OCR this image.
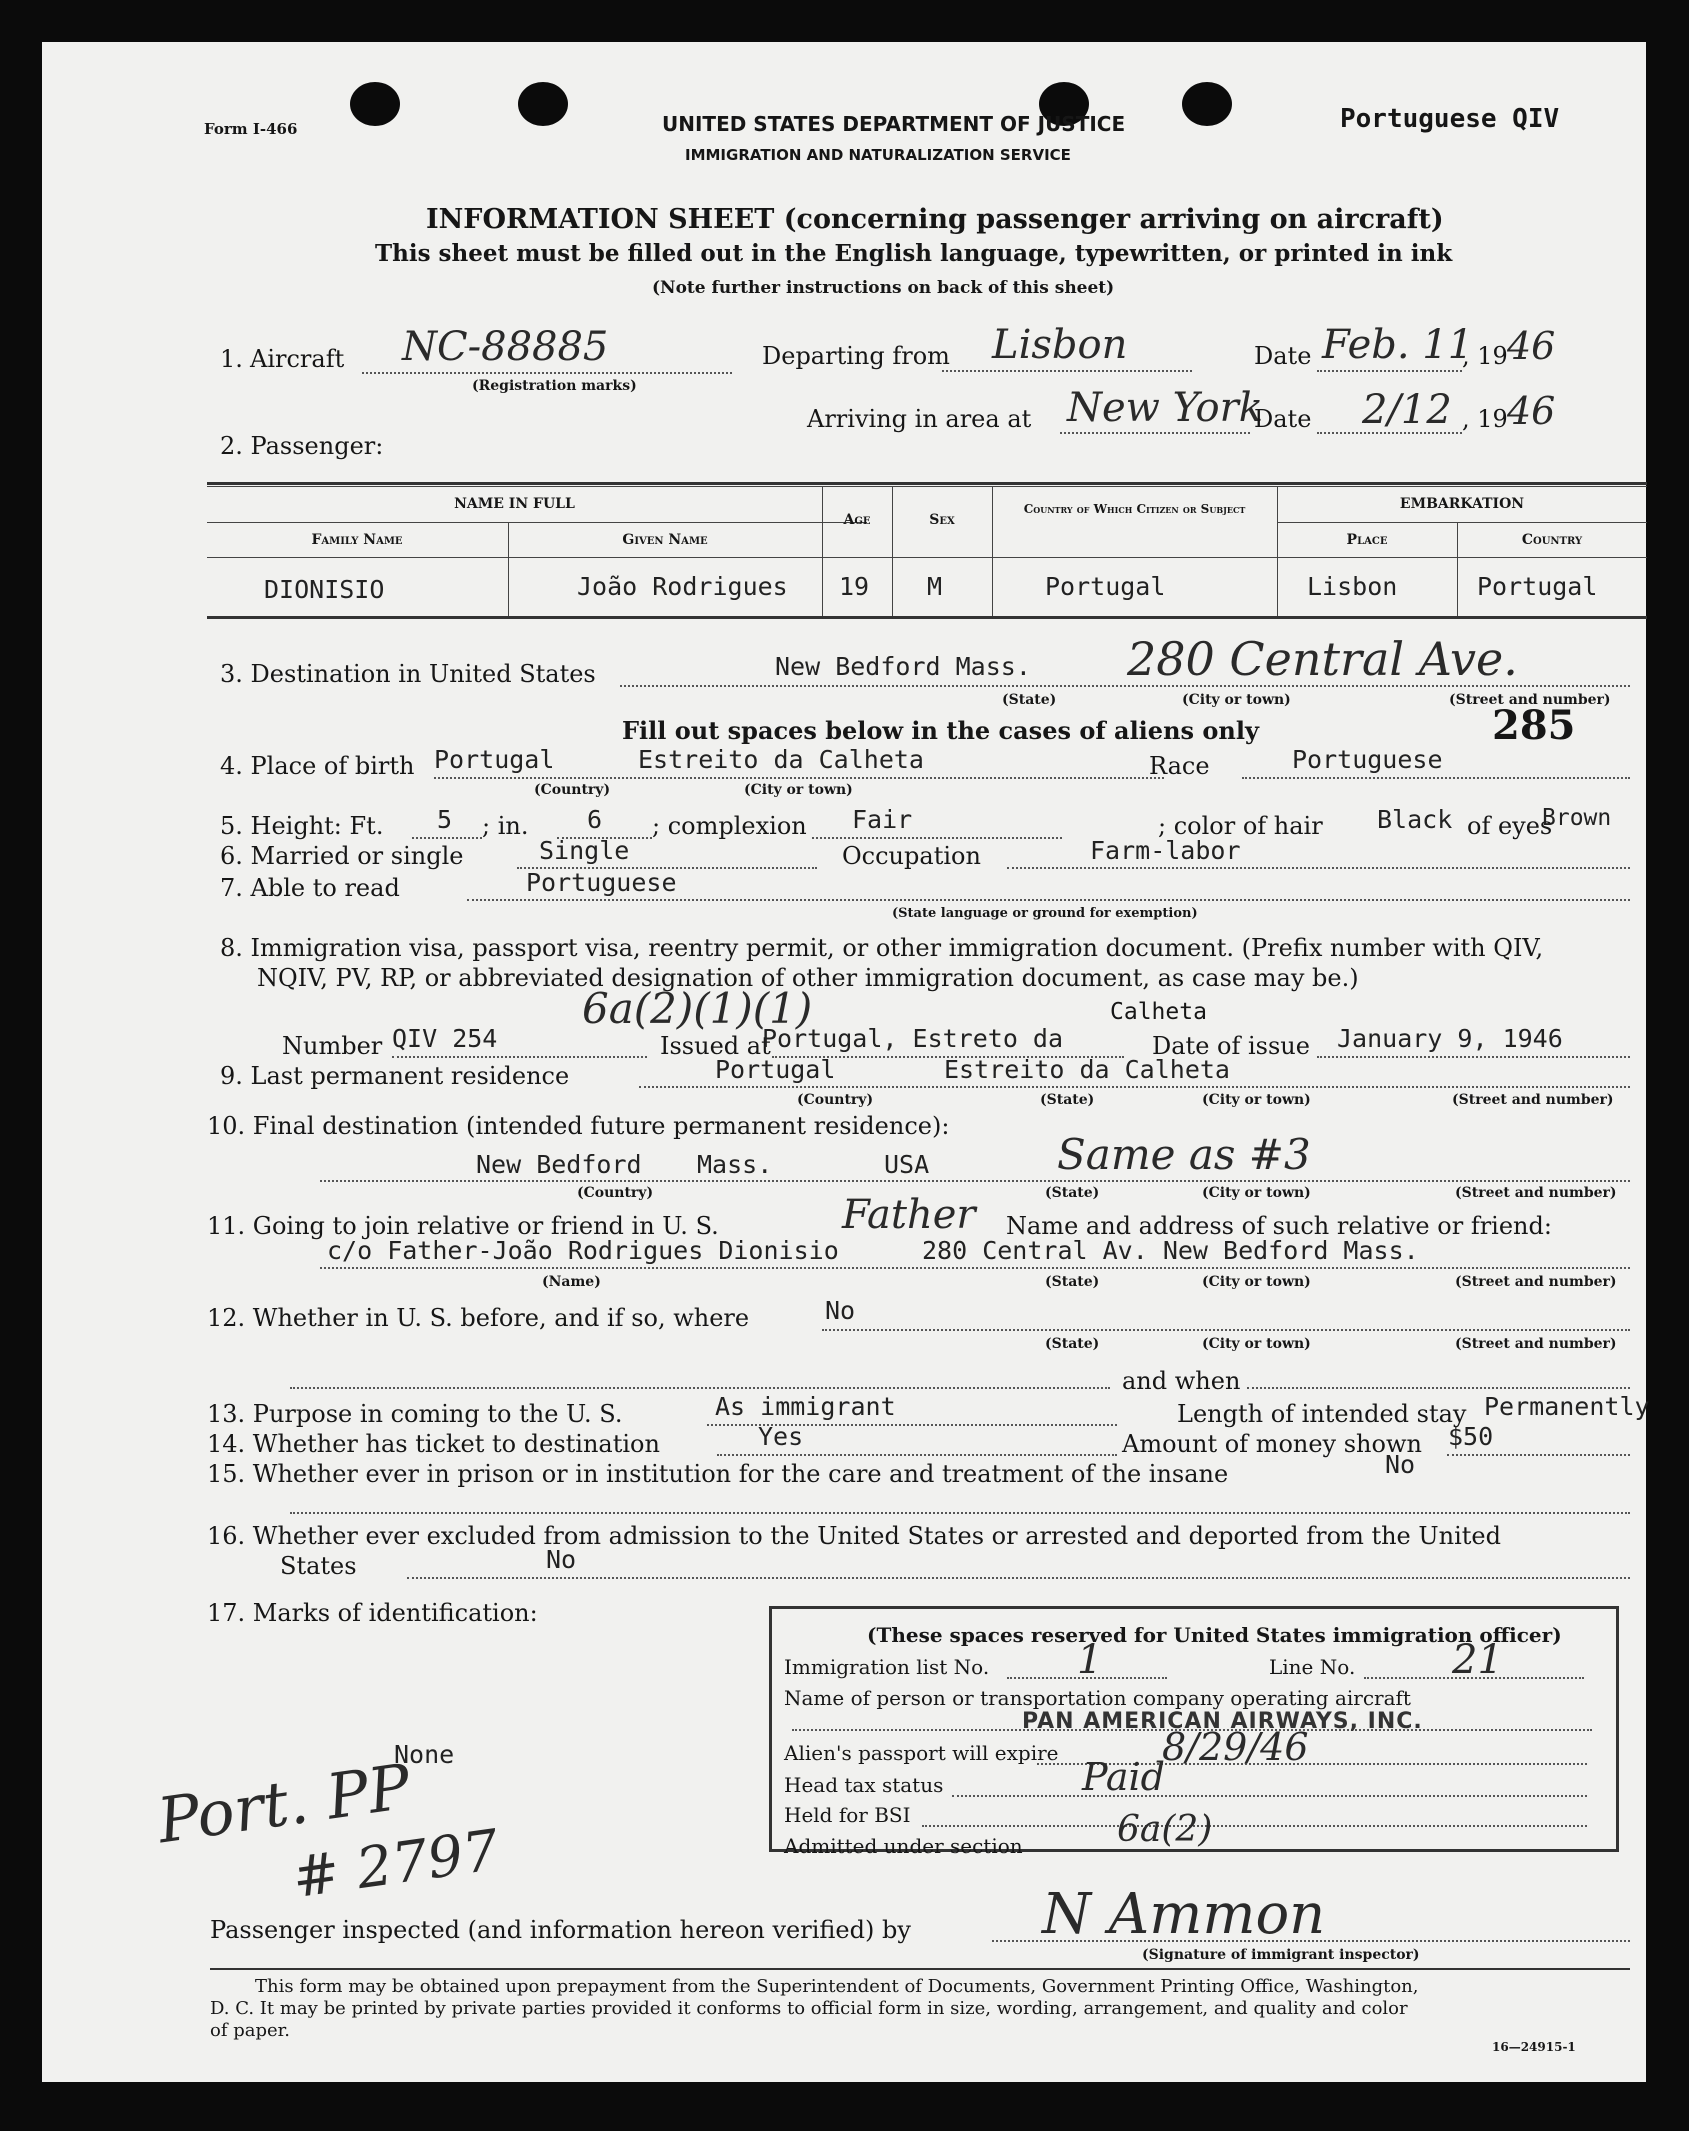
Form I-466	UNITED STATES DEPARTMENT OF JUSTICE
IMMIGRATION AND NATURALIZATION SERVICE
Portuguese QIV
INFORMATION SHEET (concerning passenger arriving on aircraft)
This sheet must be filled out in the English language, typewritten, or printed in ink
(Note further instructions on back of this sheet)
1. Aircraft NC-88885
(Registration marks)
Departing from Lisbon	Date Feb. 11
, 19 46
Arriving in area at New York
Date 2/12 , 19 46
2. Passenger:
NAME IN FULL
Family Name	Given Name
Age	Sex
Country of Which Citizen or Subject	EMBARKATION
Place	Country
DIONISIO	João Rodrigues 19 M	Portugal	Lisbon	Portugal
3. Destination in United States	New Bedford Mass. 280 Central Ave.
(State)	(City or town)	(Street and number)
Fill out spaces below in the cases of aliens only	285
4. Place of birth Portugal	Estreito da Calheta
(Country)	(City or town)
Race	Portuguese
5. Height: Ft. 5 ; in. 6 ; complexion Fair	; color of hair Black of eyes
Brown
6. Married or single	Single	Occupation	Farm-labor
7. Able to read	Portuguese
(State language or ground for exemption)
8. Immigration visa, passport visa, reentry permit, or other immigration document. (Prefix number with QIV,
NQIV, PV, RP, or abbreviated designation of other immigration document, as case may be.)
6a(2)(1)(1)	Calheta
Number QIV 254	Issued at
Portugal, Estreto da	Date of issue January 9, 1946
9. Last permanent residence	Portugal	Estreito da Calheta
(Country)	(State)	(City or town)	(Street and number)
10. Final destination (intended future permanent residence):
New Bedford Mass.	USA	Same as #3
(Country)	(State)	(City or town)	(Street and number)
11. Going to join relative or friend in U. S.	Father Name and address of such relative or friend:
c/o Father-João Rodrigues Dionisio	280 Central Av. New Bedford Mass.
(Name)	(State)	(City or town)	(Street and number)
12. Whether in U. S. before, and if so, where	No
(State)	(City or town)	(Street and number)
and when
13. Purpose in coming to the U. S.	As immigrant	Length of intended stay Permanently
14. Whether has ticket to destination	Yes	Amount of money shown $50
15. Whether ever in prison or in institution for the care and treatment of the insane	No
16. Whether ever excluded from admission to the United States or arrested and deported from the United
States	No
17. Marks of identification:
None
Port. PP
# 2797
(These spaces reserved for United States immigration officer)
Immigration list No. 1	Line No. 21
Name of person or transportation company operating aircraft
PAN AMERICAN AIRWAYS, INC.
Alien's passport will expire	8/29/46
Head tax status	Paid
Held for BSI
Admitted under section	6a(2)
Passenger inspected (and information hereon verified) by N Ammon
(Signature of immigrant inspector)
This form may be obtained upon prepayment from the Superintendent of Documents, Government Printing Office, Washington,
D. C. It may be printed by private parties provided it conforms to official form in size, wording, arrangement, and quality and color
of paper.
16—24915-1
